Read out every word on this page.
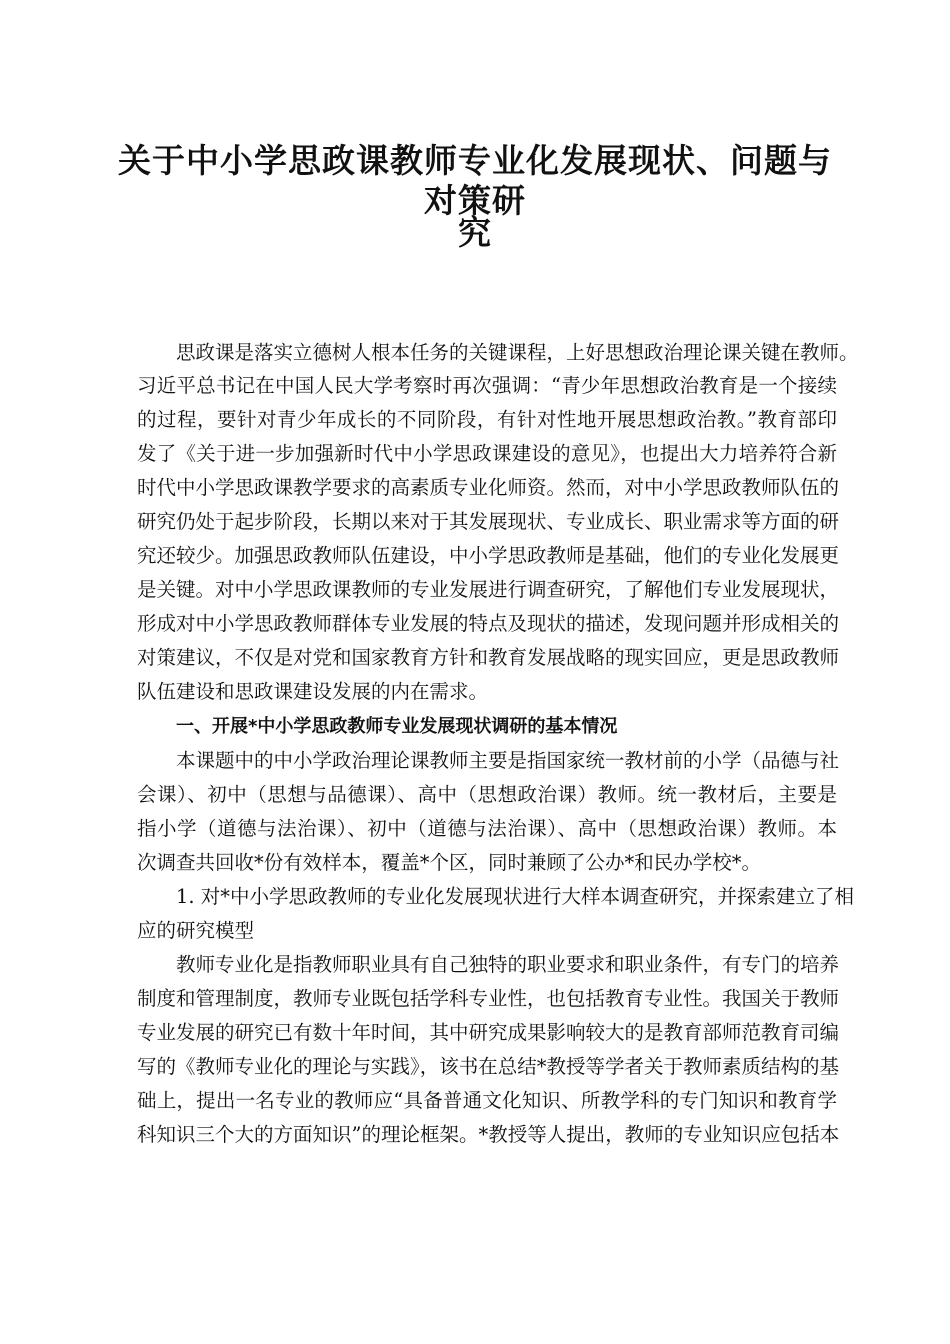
关于中小学思政课教师专业化发展现状、问题与对策研
究
思政课是落实立德树人根本任务的关键课程，上好思想政治理论课关键在教师。
习近平总书记在中国人民大学考察时再次强调：“青少年思想政治教育是一个接续
的过程，要针对青少年成长的不同阶段，有针对性地开展思想政治教。”教育部印
发了《关于进一步加强新时代中小学思政课建设的意见》，也提出大力培养符合新
时代中小学思政课教学要求的高素质专业化师资。然而，对中小学思政教师队伍的
研究仍处于起步阶段，长期以来对于其发展现状、专业成长、职业需求等方面的研
究还较少。加强思政教师队伍建设，中小学思政教师是基础，他们的专业化发展更
是关键。对中小学思政课教师的专业发展进行调查研究，了解他们专业发展现状，
形成对中小学思政教师群体专业发展的特点及现状的描述，发现问题并形成相关的
对策建议，不仅是对党和国家教育方针和教育发展战略的现实回应，更是思政教师
队伍建设和思政课建设发展的内在需求。
一、开展*中小学思政教师专业发展现状调研的基本情况
本课题中的中小学政治理论课教师主要是指国家统一教材前的小学（品德与社
会课）、初中（思想与品德课）、高中（思想政治课）教师。统一教材后，主要是
指小学（道德与法治课）、初中（道德与法治课）、高中（思想政治课）教师。本
次调查共回收*份有效样本，覆盖*个区，同时兼顾了公办*和民办学校*。
1. 对*中小学思政教师的专业化发展现状进行大样本调查研究，并探索建立了相
应的研究模型
教师专业化是指教师职业具有自己独特的职业要求和职业条件，有专门的培养
制度和管理制度，教师专业既包括学科专业性，也包括教育专业性。我国关于教师
专业发展的研究已有数十年时间，其中研究成果影响较大的是教育部师范教育司编
写的《教师专业化的理论与实践》，该书在总结*教授等学者关于教师素质结构的基
础上，提出一名专业的教师应“具备普通文化知识、所教学科的专门知识和教育学
科知识三个大的方面知识”的理论框架。*教授等人提出，教师的专业知识应包括本
